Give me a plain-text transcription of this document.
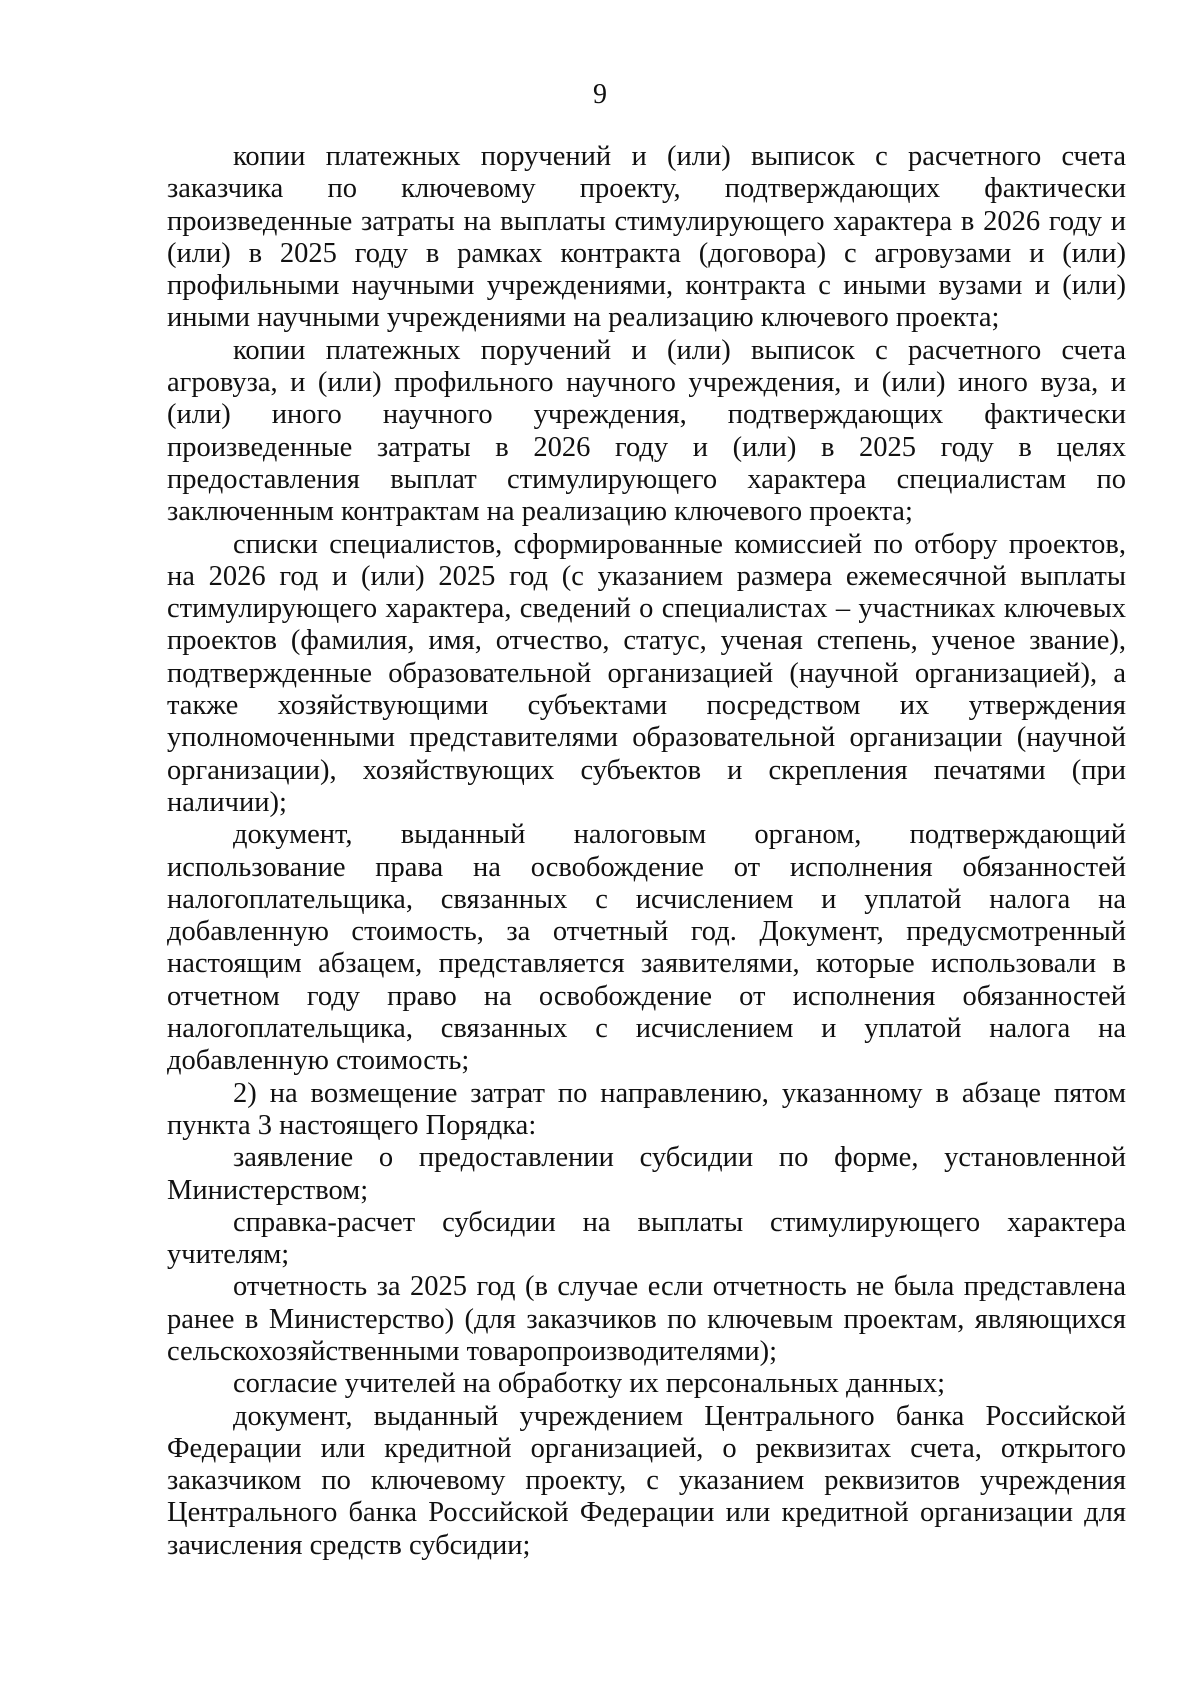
9

копии платежных поручений и (или) выписок с расчетного счета заказчика по ключевому проекту, подтверждающих фактически произведенные затраты на выплаты стимулирующего характера в 2026 году и (или) в 2025 году в рамках контракта (договора) с агровузами и (или) профильными научными учреждениями, контракта с иными вузами и (или) иными научными учреждениями на реализацию ключевого проекта;

копии платежных поручений и (или) выписок с расчетного счета агровуза, и (или) профильного научного учреждения, и (или) иного вуза, и (или) иного научного учреждения, подтверждающих фактически произведенные затраты в 2026 году и (или) в 2025 году в целях предоставления выплат стимулирующего характера специалистам по заключенным контрактам на реализацию ключевого проекта;

списки специалистов, сформированные комиссией по отбору проектов, на 2026 год и (или) 2025 год (с указанием размера ежемесячной выплаты стимулирующего характера, сведений о специалистах – участниках ключевых проектов (фамилия, имя, отчество, статус, ученая степень, ученое звание), подтвержденные образовательной организацией (научной организацией), а также хозяйствующими субъектами посредством их утверждения уполномоченными представителями образовательной организации (научной организации), хозяйствующих субъектов и скрепления печатями (при наличии);

документ, выданный налоговым органом, подтверждающий использование права на освобождение от исполнения обязанностей налогоплательщика, связанных с исчислением и уплатой налога на добавленную стоимость, за отчетный год. Документ, предусмотренный настоящим абзацем, представляется заявителями, которые использовали в отчетном году право на освобождение от исполнения обязанностей налогоплательщика, связанных с исчислением и уплатой налога на добавленную стоимость;

2) на возмещение затрат по направлению, указанному в абзаце пятом пункта 3 настоящего Порядка:

заявление о предоставлении субсидии по форме, установленной Министерством;

справка-расчет субсидии на выплаты стимулирующего характера учителям;

отчетность за 2025 год (в случае если отчетность не была представлена ранее в Министерство) (для заказчиков по ключевым проектам, являющихся сельскохозяйственными товаропроизводителями);

согласие учителей на обработку их персональных данных;

документ, выданный учреждением Центрального банка Российской Федерации или кредитной организацией, о реквизитах счета, открытого заказчиком по ключевому проекту, с указанием реквизитов учреждения Центрального банка Российской Федерации или кредитной организации для зачисления средств субсидии;
